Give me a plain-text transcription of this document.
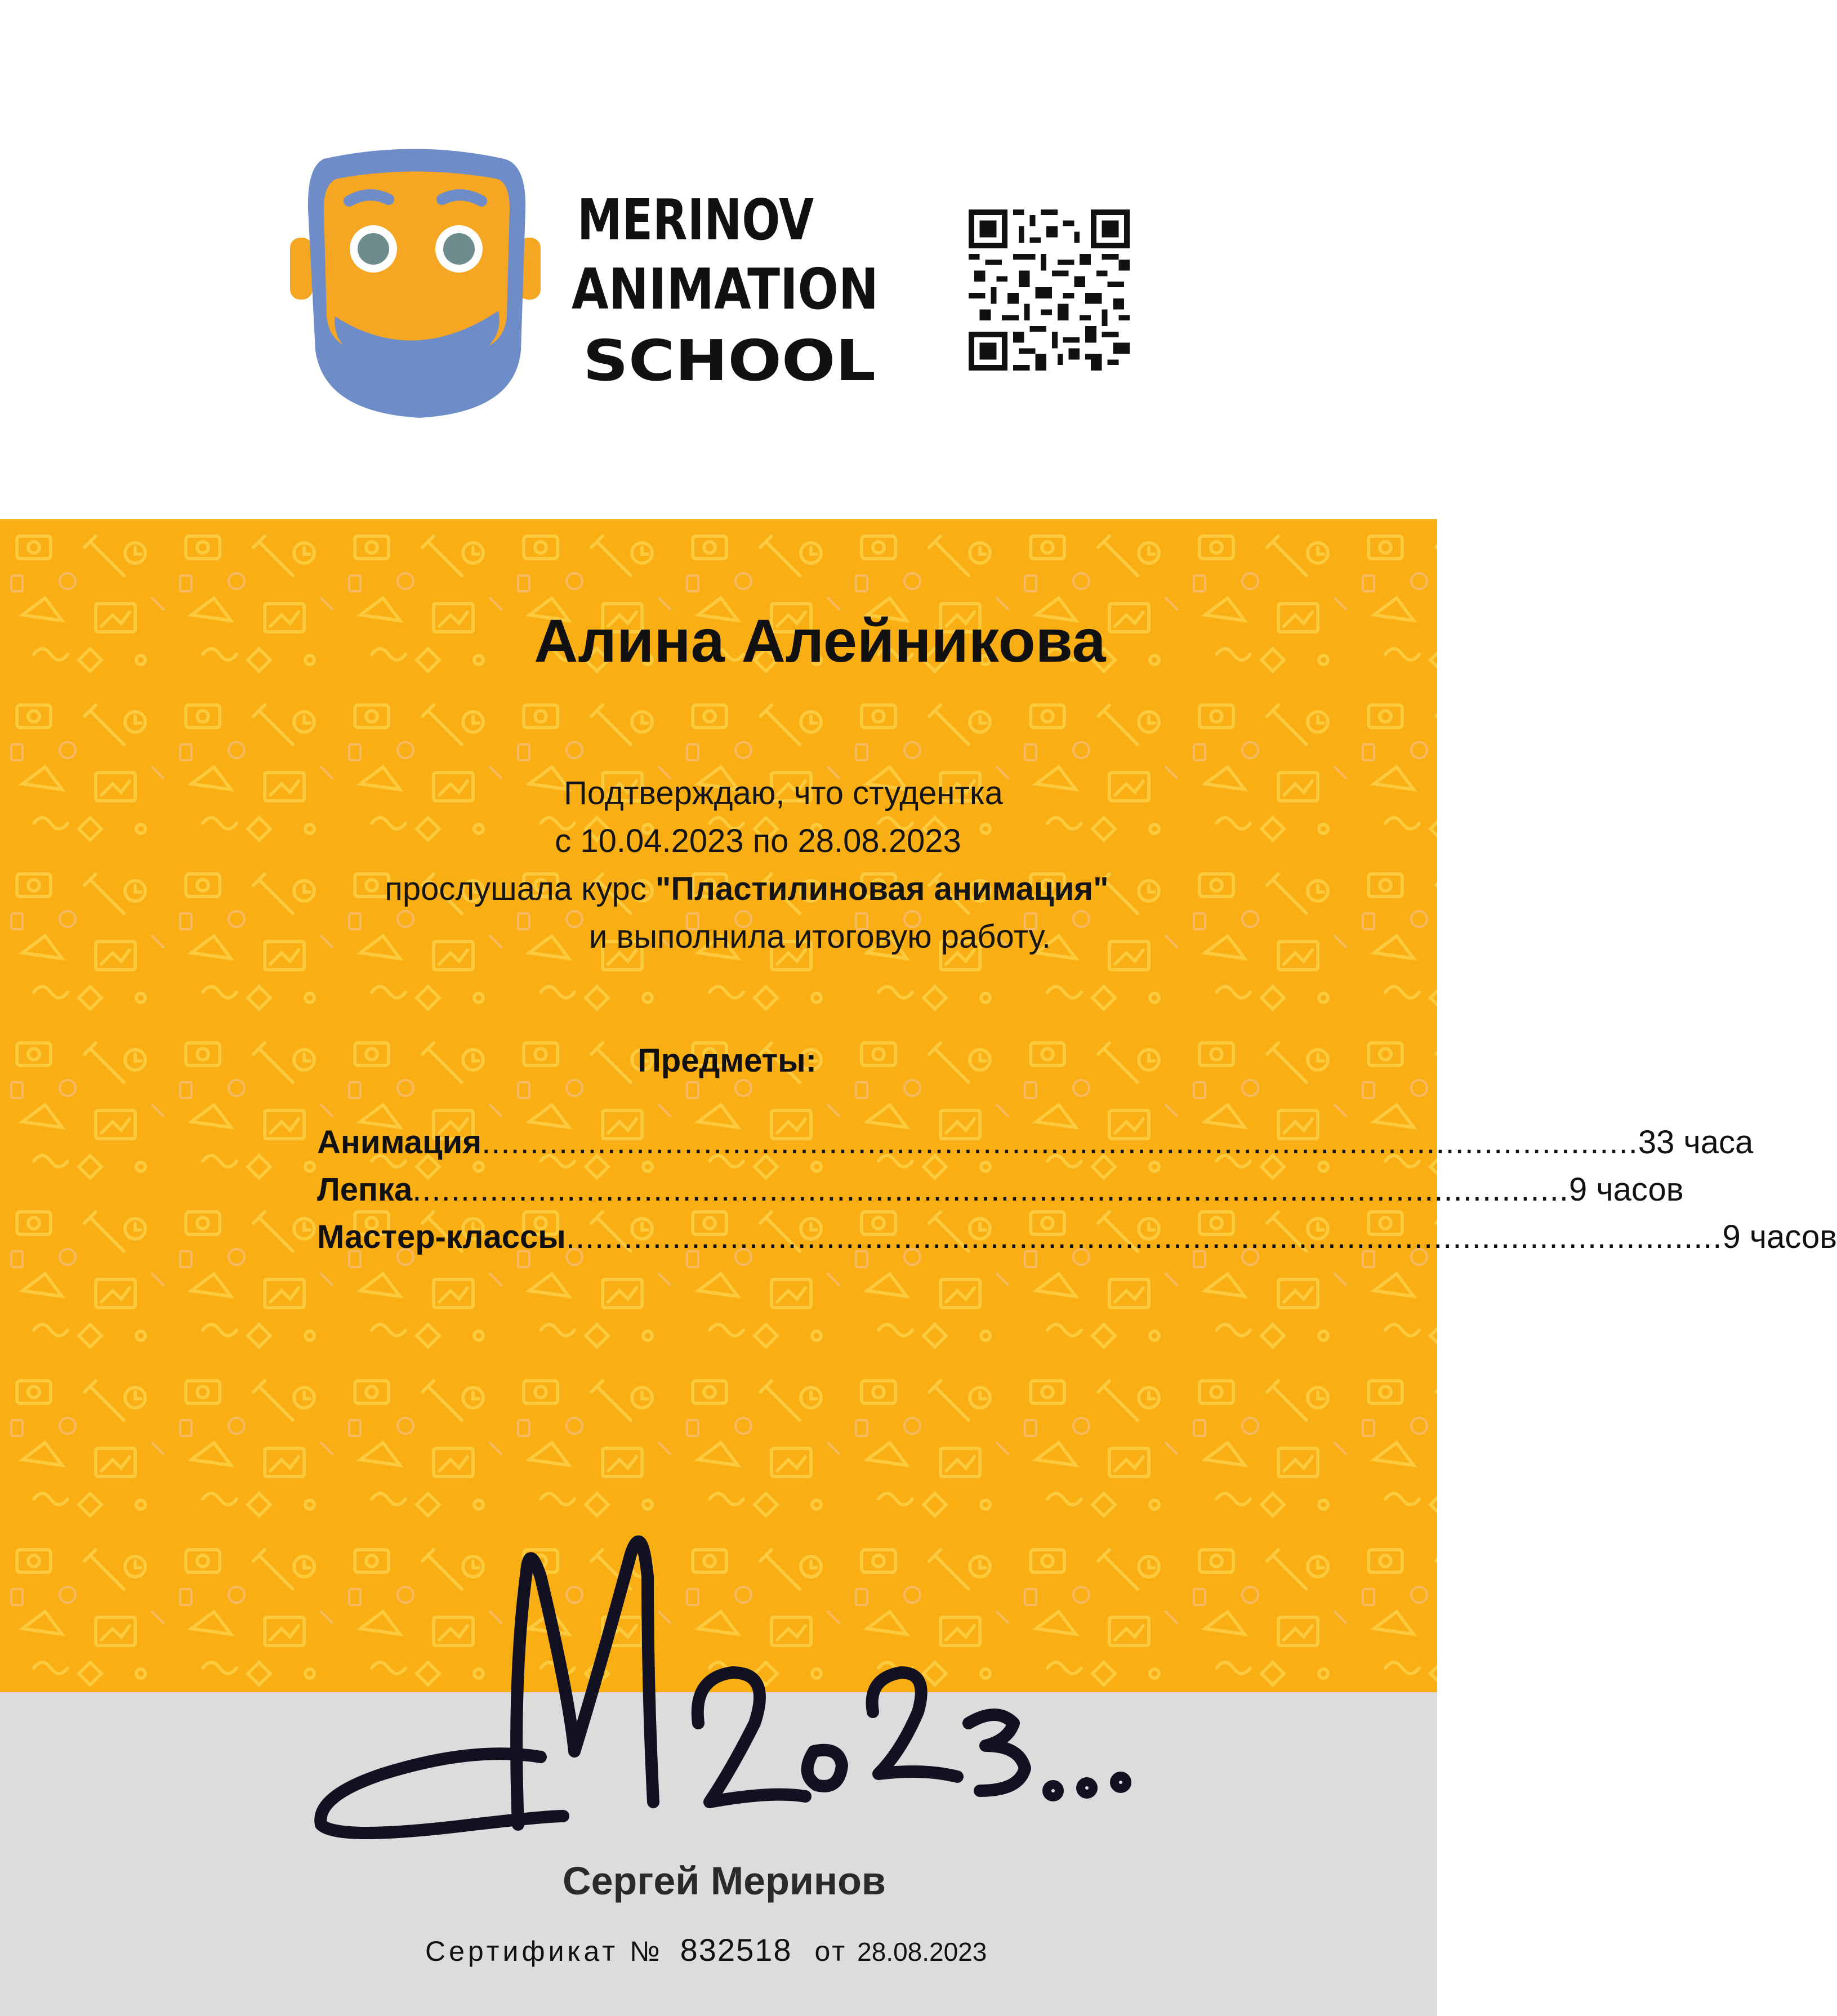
MERINOV
ANIMATION
SCHOOL
Алина Алейникова
Подтверждаю, что студентка
с 10.04.2023 по 28.08.2023
прослушала курс "Пластилиновая анимация"
и выполнила итоговую работу.
Предметы:
Анимация ........................................................................................................................ 33 часа
Лепка ........................................................................................................................ 9 часов
Мастер-классы ........................................................................................................................ 9 часов
M2023...
Сергей Меринов
Сертификат № 832518 от 28.08.2023
